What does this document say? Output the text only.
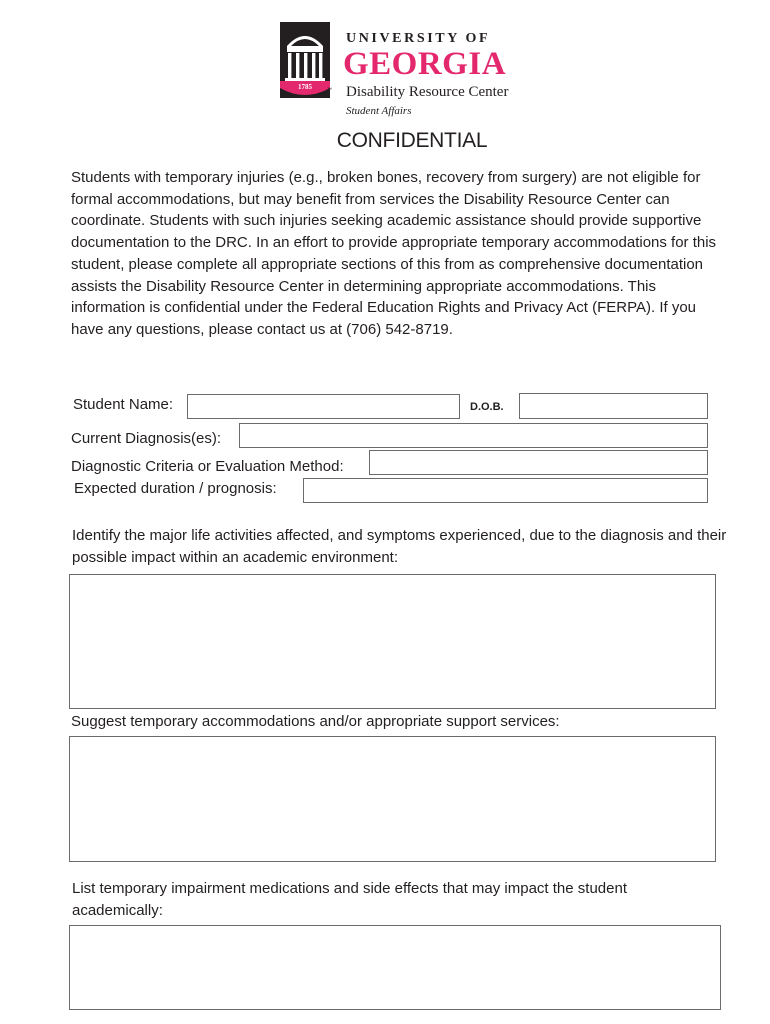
1785	™
UNIVERSITY OF
GEORGIA
Disability Resource Center
Student Affairs
CONFIDENTIAL
Students with temporary injuries (e.g., broken bones, recovery from surgery) are not eligible for formal accommodations, but may benefit from services the Disability Resource Center can coordinate. Students with such injuries seeking academic assistance should provide supportive documentation to the DRC. In an effort to provide appropriate temporary accommodations for this student, please complete all appropriate sections of this from as comprehensive documentation assists the Disability Resource Center in determining appropriate accommodations. This information is confidential under the Federal Education Rights and Privacy Act (FERPA). If you have any questions, please contact us at (706) 542-8719.
Student Name:	D.O.B.
Current Diagnosis(es):
Diagnostic Criteria or Evaluation Method:
Expected duration / prognosis:
Identify the major life activities affected, and symptoms experienced, due to the diagnosis and their possible impact within an academic environment:
Suggest temporary accommodations and/or appropriate support services:
List temporary impairment medications and side effects that may impact the student academically:
